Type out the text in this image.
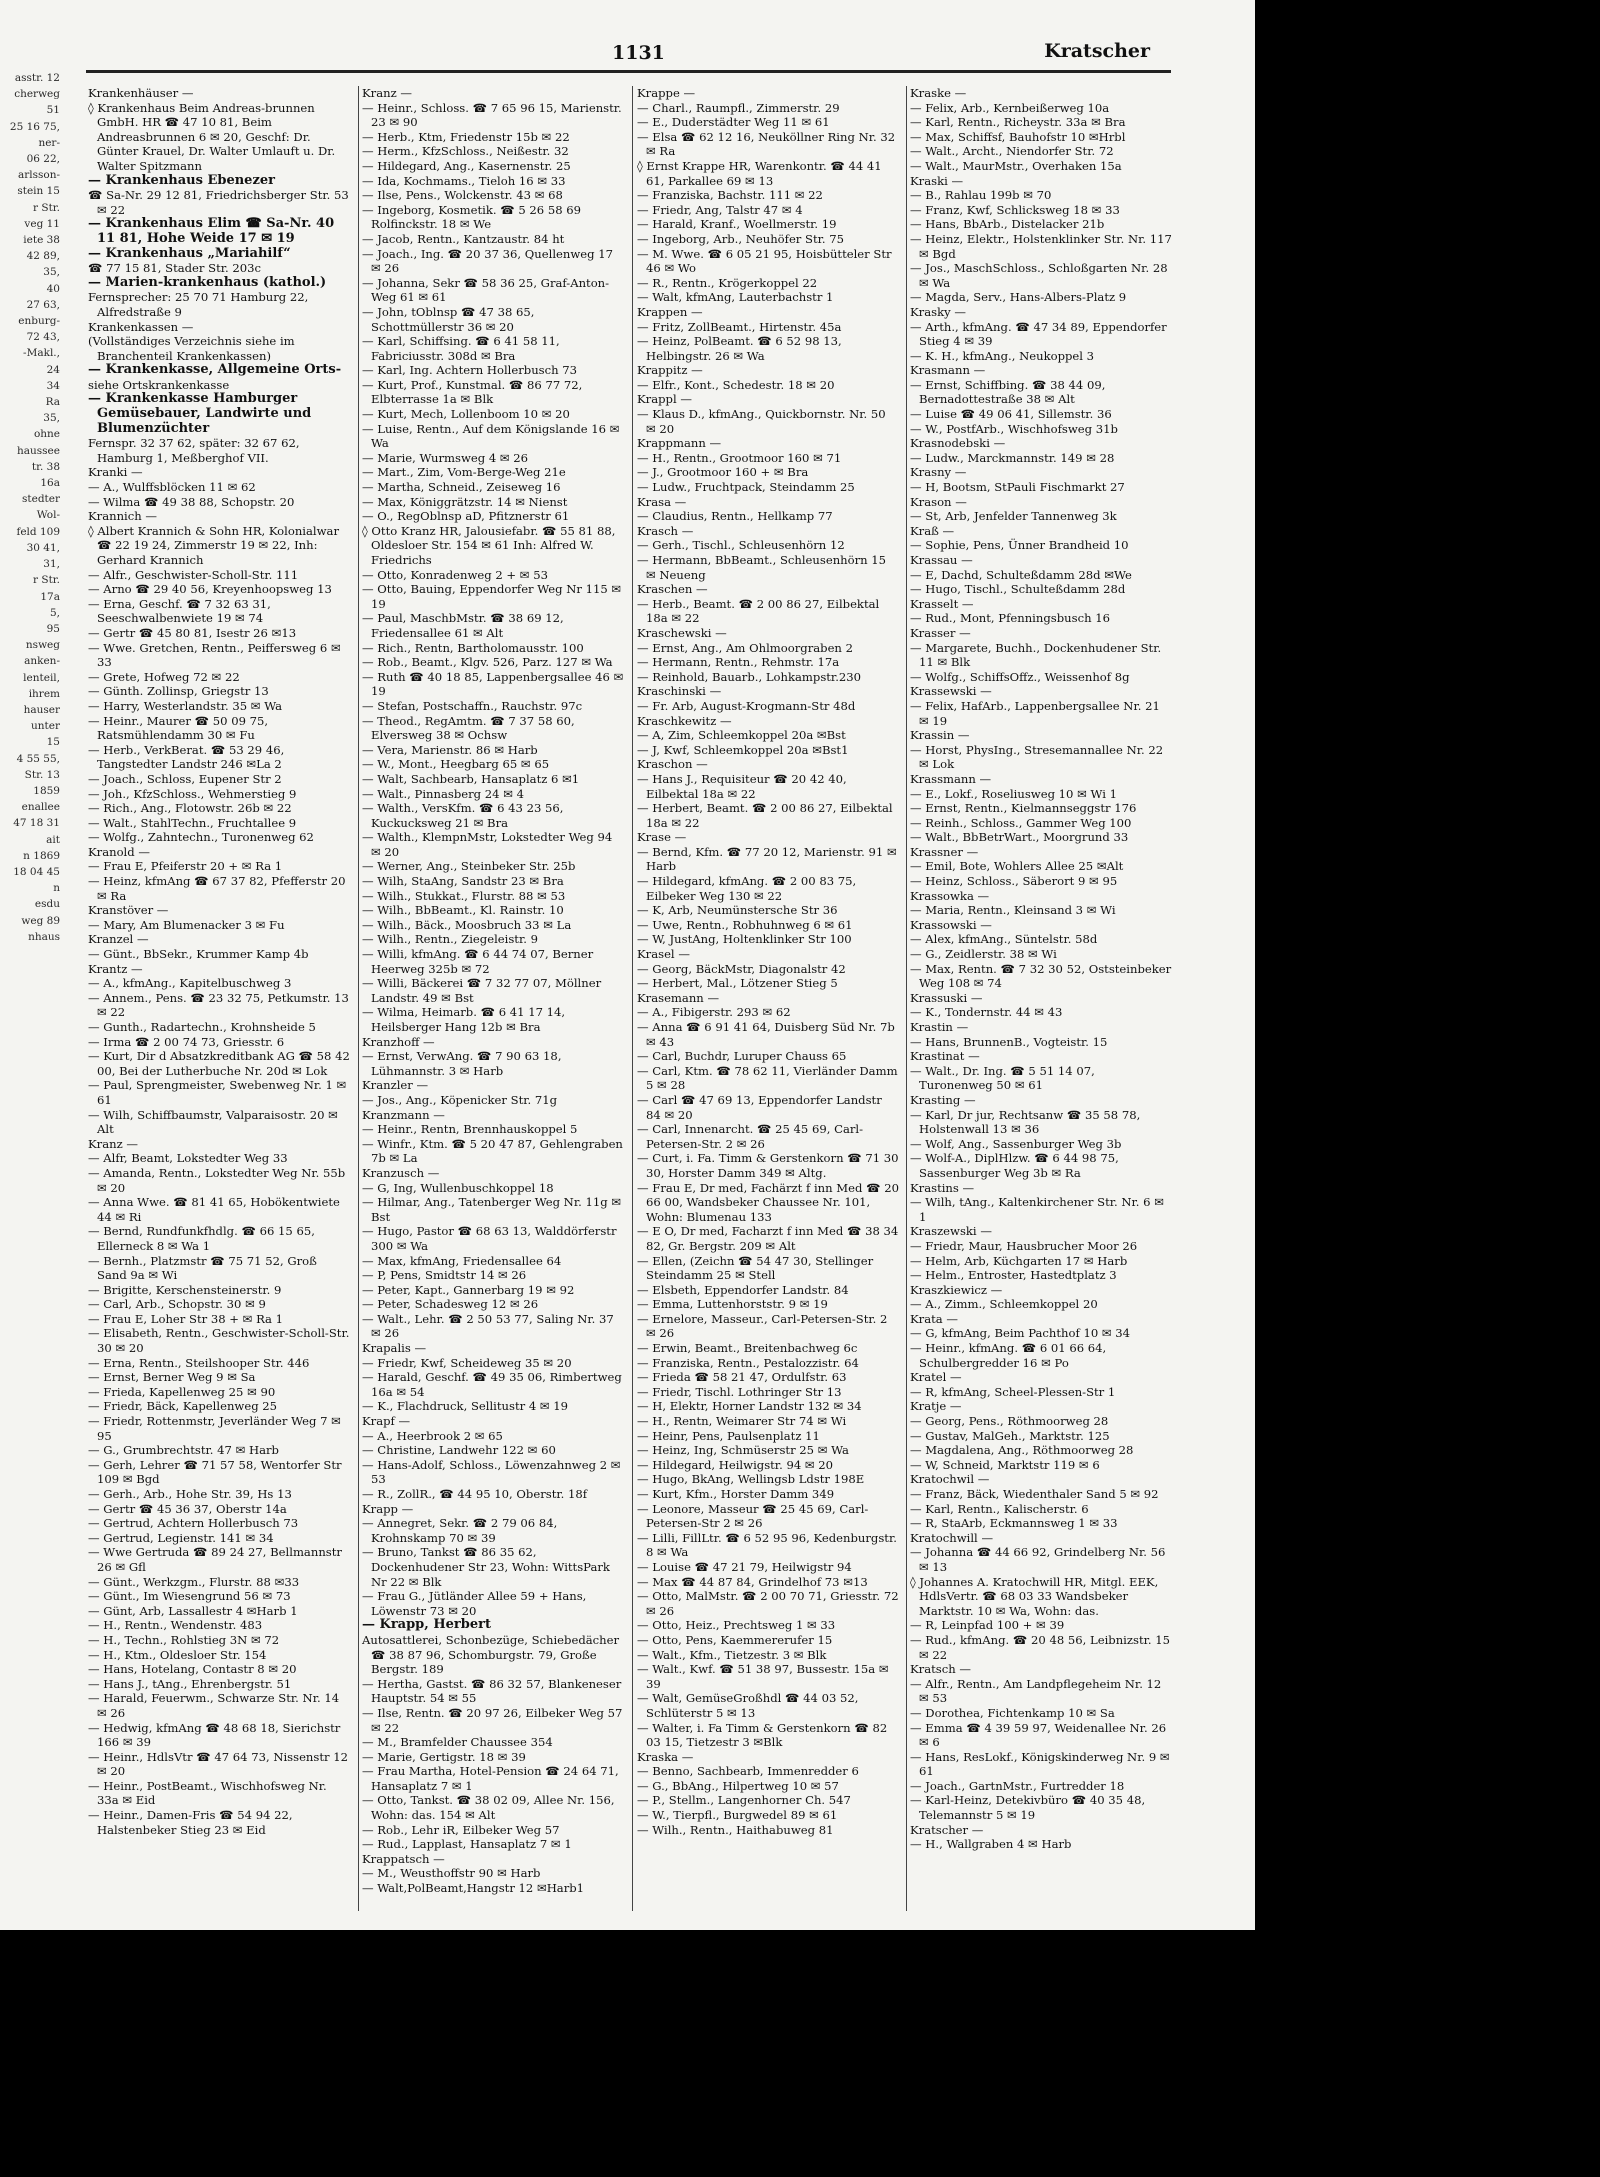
asstr. 12
cherweg
51
25 16 75,
ner-
06 22,
arlsson-
stein 15
r Str.
veg 11
iete 38
42 89,
35,
40
27 63,
enburg-
72 43,
-Makl.,
24
34
Ra
35,
ohne
haussee
tr. 38
16a
stedter
Wol-
feld 109
30 41,
31,
r Str.
17a
5,
95
nsweg
anken-
lenteil,
ihrem
hauser
unter
15
4 55 55,
Str. 13
1859
enallee
47 18 31
ait
n 1869
18 04 45
n
esdu
weg 89
nhaus
1131	Kratscher
Krankenhäuser —
◊ Krankenhaus Beim Andreas-brunnen GmbH. HR ☎ 47 10 81, Beim Andreasbrunnen 6 ✉ 20, Geschf: Dr. Günter Krauel, Dr. Walter Umlauft u. Dr. Walter Spitzmann
— Krankenhaus Ebenezer
☎ Sa-Nr. 29 12 81, Friedrichsberger Str. 53 ✉ 22
— Krankenhaus Elim ☎ Sa-Nr. 40 11 81, Hohe Weide 17 ✉ 19
— Krankenhaus „Mariahilf“
☎ 77 15 81, Stader Str. 203c
— Marien-krankenhaus (kathol.)
Fernsprecher: 25 70 71 Hamburg 22, Alfredstraße 9
Krankenkassen —
(Vollständiges Verzeichnis siehe im Branchenteil Krankenkassen)
— Krankenkasse, Allgemeine Orts-
siehe Ortskrankenkasse
— Krankenkasse Hamburger Gemüsebauer, Landwirte und Blumenzüchter
Fernspr. 32 37 62, später: 32 67 62, Hamburg 1, Meßberghof VII.
Kranki —
— A., Wulffsblöcken 11 ✉ 62
— Wilma ☎ 49 38 88, Schopstr. 20
Krannich —
◊ Albert Krannich & Sohn HR, Kolonialwar ☎ 22 19 24, Zimmerstr 19 ✉ 22, Inh: Gerhard Krannich
— Alfr., Geschwister-Scholl-Str. 111
— Arno ☎ 29 40 56, Kreyenhoopsweg 13
— Erna, Geschf. ☎ 7 32 63 31, Seeschwalbenwiete 19 ✉ 74
— Gertr ☎ 45 80 81, Isestr 26 ✉13
— Wwe. Gretchen, Rentn., Peiffersweg 6 ✉ 33
— Grete, Hofweg 72 ✉ 22
— Günth. Zollinsp, Griegstr 13
— Harry, Westerlandstr. 35 ✉ Wa
— Heinr., Maurer ☎ 50 09 75, Ratsmühlendamm 30 ✉ Fu
— Herb., VerkBerat. ☎ 53 29 46, Tangstedter Landstr 246 ✉La 2
— Joach., Schloss, Eupener Str 2
— Joh., KfzSchloss., Wehmerstieg 9
— Rich., Ang., Flotowstr. 26b ✉ 22
— Walt., StahlTechn., Fruchtallee 9
— Wolfg., Zahntechn., Turonenweg 62
Kranold —
— Frau E, Pfeiferstr 20 + ✉ Ra 1
— Heinz, kfmAng ☎ 67 37 82, Pfefferstr 20 ✉ Ra
Kranstöver —
— Mary, Am Blumenacker 3 ✉ Fu
Kranzel —
— Günt., BbSekr., Krummer Kamp 4b
Krantz —
— A., kfmAng., Kapitelbuschweg 3
— Annem., Pens. ☎ 23 32 75, Petkumstr. 13 ✉ 22
— Gunth., Radartechn., Krohnsheide 5
— Irma ☎ 2 00 74 73, Griesstr. 6
— Kurt, Dir d Absatzkreditbank AG ☎ 58 42 00, Bei der Lutherbuche Nr. 20d ✉ Lok
— Paul, Sprengmeister, Swebenweg Nr. 1 ✉ 61
— Wilh, Schiffbaumstr, Valparaisostr. 20 ✉ Alt
Kranz —
— Alfr, Beamt, Lokstedter Weg 33
— Amanda, Rentn., Lokstedter Weg Nr. 55b ✉ 20
— Anna Wwe. ☎ 81 41 65, Hobökentwiete 44 ✉ Ri
— Bernd, Rundfunkfhdlg. ☎ 66 15 65, Ellerneck 8 ✉ Wa 1
— Bernh., Platzmstr ☎ 75 71 52, Groß Sand 9a ✉ Wi
— Brigitte, Kerschensteinerstr. 9
— Carl, Arb., Schopstr. 30 ✉ 9
— Frau E, Loher Str 38 + ✉ Ra 1
— Elisabeth, Rentn., Geschwister-Scholl-Str. 30 ✉ 20
— Erna, Rentn., Steilshooper Str. 446
— Ernst, Berner Weg 9 ✉ Sa
— Frieda, Kapellenweg 25 ✉ 90
— Friedr, Bäck, Kapellenweg 25
— Friedr, Rottenmstr, Jeverländer Weg 7 ✉ 95
— G., Grumbrechtstr. 47 ✉ Harb
— Gerh, Lehrer ☎ 71 57 58, Wentorfer Str 109 ✉ Bgd
— Gerh., Arb., Hohe Str. 39, Hs 13
— Gertr ☎ 45 36 37, Oberstr 14a
— Gertrud, Achtern Hollerbusch 73
— Gertrud, Legienstr. 141 ✉ 34
— Wwe Gertruda ☎ 89 24 27, Bellmannstr 26 ✉ Gfl
— Günt., Werkzgm., Flurstr. 88 ✉33
— Günt., Im Wiesengrund 56 ✉ 73
— Günt, Arb, Lassallestr 4 ✉Harb 1
— H., Rentn., Wendenstr. 483
— H., Techn., Rohlstieg 3N ✉ 72
— H., Ktm., Oldesloer Str. 154
— Hans, Hotelang, Contastr 8 ✉ 20
— Hans J., tAng., Ehrenbergstr. 51
— Harald, Feuerwm., Schwarze Str. Nr. 14 ✉ 26
— Hedwig, kfmAng ☎ 48 68 18, Sierichstr 166 ✉ 39
— Heinr., HdlsVtr ☎ 47 64 73, Nissenstr 12 ✉ 20
— Heinr., PostBeamt., Wischhofsweg Nr. 33a ✉ Eid
— Heinr., Damen-Fris ☎ 54 94 22, Halstenbeker Stieg 23 ✉ Eid
Kranz —
— Heinr., Schloss. ☎ 7 65 96 15, Marienstr. 23 ✉ 90
— Herb., Ktm, Friedenstr 15b ✉ 22
— Herm., KfzSchloss., Neißestr. 32
— Hildegard, Ang., Kasernenstr. 25
— Ida, Kochmams., Tieloh 16 ✉ 33
— Ilse, Pens., Wolckenstr. 43 ✉ 68
— Ingeborg, Kosmetik. ☎ 5 26 58 69 Rolfinckstr. 18 ✉ We
— Jacob, Rentn., Kantzaustr. 84 ht
— Joach., Ing. ☎ 20 37 36, Quellenweg 17 ✉ 26
— Johanna, Sekr ☎ 58 36 25, Graf-Anton-Weg 61 ✉ 61
— John, tOblnsp ☎ 47 38 65, Schottmüllerstr 36 ✉ 20
— Karl, Schiffsing. ☎ 6 41 58 11, Fabriciusstr. 308d ✉ Bra
— Karl, Ing. Achtern Hollerbusch 73
— Kurt, Prof., Kunstmal. ☎ 86 77 72, Elbterrasse 1a ✉ Blk
— Kurt, Mech, Lollenboom 10 ✉ 20
— Luise, Rentn., Auf dem Königslande 16 ✉ Wa
— Marie, Wurmsweg 4 ✉ 26
— Mart., Zim, Vom-Berge-Weg 21e
— Martha, Schneid., Zeiseweg 16
— Max, Königgrätzstr. 14 ✉ Nienst
— O., RegOblnsp aD, Pfitznerstr 61
◊ Otto Kranz HR, Jalousiefabr. ☎ 55 81 88, Oldesloer Str. 154 ✉ 61 Inh: Alfred W. Friedrichs
— Otto, Konradenweg 2 + ✉ 53
— Otto, Bauing, Eppendorfer Weg Nr 115 ✉ 19
— Paul, MaschbMstr. ☎ 38 69 12, Friedensallee 61 ✉ Alt
— Rich., Rentn, Bartholomausstr. 100
— Rob., Beamt., Klgv. 526, Parz. 127 ✉ Wa
— Ruth ☎ 40 18 85, Lappenbergsallee 46 ✉ 19
— Stefan, Postschaffn., Rauchstr. 97c
— Theod., RegAmtm. ☎ 7 37 58 60, Elversweg 38 ✉ Ochsw
— Vera, Marienstr. 86 ✉ Harb
— W., Mont., Heegbarg 65 ✉ 65
— Walt, Sachbearb, Hansaplatz 6 ✉1
— Walt., Pinnasberg 24 ✉ 4
— Walth., VersKfm. ☎ 6 43 23 56, Kuckucksweg 21 ✉ Bra
— Walth., KlempnMstr, Lokstedter Weg 94 ✉ 20
— Werner, Ang., Steinbeker Str. 25b
— Wilh, StaAng, Sandstr 23 ✉ Bra
— Wilh., Stukkat., Flurstr. 88 ✉ 53
— Wilh., BbBeamt., Kl. Rainstr. 10
— Wilh., Bäck., Moosbruch 33 ✉ La
— Wilh., Rentn., Ziegeleistr. 9
— Willi, kfmAng. ☎ 6 44 74 07, Berner Heerweg 325b ✉ 72
— Willi, Bäckerei ☎ 7 32 77 07, Möllner Landstr. 49 ✉ Bst
— Wilma, Heimarb. ☎ 6 41 17 14, Heilsberger Hang 12b ✉ Bra
Kranzhoff —
— Ernst, VerwAng. ☎ 7 90 63 18, Lühmannstr. 3 ✉ Harb
Kranzler —
— Jos., Ang., Köpenicker Str. 71g
Kranzmann —
— Heinr., Rentn, Brennhauskoppel 5
— Winfr., Ktm. ☎ 5 20 47 87, Gehlengraben 7b ✉ La
Kranzusch —
— G, Ing, Wullenbuschkoppel 18
— Hilmar, Ang., Tatenberger Weg Nr. 11g ✉ Bst
— Hugo, Pastor ☎ 68 63 13, Walddörferstr 300 ✉ Wa
— Max, kfmAng, Friedensallee 64
— P, Pens, Smidtstr 14 ✉ 26
— Peter, Kapt., Gannerbarg 19 ✉ 92
— Peter, Schadesweg 12 ✉ 26
— Walt., Lehr. ☎ 2 50 53 77, Saling Nr. 37 ✉ 26
Krapalis —
— Friedr, Kwf, Scheideweg 35 ✉ 20
— Harald, Geschf. ☎ 49 35 06, Rimbertweg 16a ✉ 54
— K., Flachdruck, Sellitustr 4 ✉ 19
Krapf —
— A., Heerbrook 2 ✉ 65
— Christine, Landwehr 122 ✉ 60
— Hans-Adolf, Schloss., Löwenzahnweg 2 ✉ 53
— R., ZollR., ☎ 44 95 10, Oberstr. 18f
Krapp —
— Annegret, Sekr. ☎ 2 79 06 84, Krohnskamp 70 ✉ 39
— Bruno, Tankst ☎ 86 35 62, Dockenhudener Str 23, Wohn: WittsPark Nr 22 ✉ Blk
— Frau G., Jütländer Allee 59 + Hans, Löwenstr 73 ✉ 20
— Krapp, Herbert
Autosattlerei, Schonbezüge, Schiebedächer ☎ 38 87 96, Schomburgstr. 79, Große Bergstr. 189
— Hertha, Gastst. ☎ 86 32 57, Blankeneser Hauptstr. 54 ✉ 55
— Ilse, Rentn. ☎ 20 97 26, Eilbeker Weg 57 ✉ 22
— M., Bramfelder Chaussee 354
— Marie, Gertigstr. 18 ✉ 39
— Frau Martha, Hotel-Pension ☎ 24 64 71, Hansaplatz 7 ✉ 1
— Otto, Tankst. ☎ 38 02 09, Allee Nr. 156, Wohn: das. 154 ✉ Alt
— Rob., Lehr iR, Eilbeker Weg 57
— Rud., Lapplast, Hansaplatz 7 ✉ 1
Krappatsch —
— M., Weusthoffstr 90 ✉ Harb
— Walt,PolBeamt,Hangstr 12 ✉Harb1
Krappe —
— Charl., Raumpfl., Zimmerstr. 29
— E., Duderstädter Weg 11 ✉ 61
— Elsa ☎ 62 12 16, Neuköllner Ring Nr. 32 ✉ Ra
◊ Ernst Krappe HR, Warenkontr. ☎ 44 41 61, Parkallee 69 ✉ 13
— Franziska, Bachstr. 111 ✉ 22
— Friedr, Ang, Talstr 47 ✉ 4
— Harald, Kranf., Woellmerstr. 19
— Ingeborg, Arb., Neuhöfer Str. 75
— M. Wwe. ☎ 6 05 21 95, Hoisbütteler Str 46 ✉ Wo
— R., Rentn., Krögerkoppel 22
— Walt, kfmAng, Lauterbachstr 1
Krappen —
— Fritz, ZollBeamt., Hirtenstr. 45a
— Heinz, PolBeamt. ☎ 6 52 98 13, Helbingstr. 26 ✉ Wa
Krappitz —
— Elfr., Kont., Schedestr. 18 ✉ 20
Krappl —
— Klaus D., kfmAng., Quickbornstr. Nr. 50 ✉ 20
Krappmann —
— H., Rentn., Grootmoor 160 ✉ 71
— J., Grootmoor 160 + ✉ Bra
— Ludw., Fruchtpack, Steindamm 25
Krasa —
— Claudius, Rentn., Hellkamp 77
Krasch —
— Gerh., Tischl., Schleusenhörn 12
— Hermann, BbBeamt., Schleusenhörn 15 ✉ Neueng
Kraschen —
— Herb., Beamt. ☎ 2 00 86 27, Eilbektal 18a ✉ 22
Kraschewski —
— Ernst, Ang., Am Ohlmoorgraben 2
— Hermann, Rentn., Rehmstr. 17a
— Reinhold, Bauarb., Lohkampstr.230
Kraschinski —
— Fr. Arb, August-Krogmann-Str 48d
Kraschkewitz —
— A, Zim, Schleemkoppel 20a ✉Bst
— J, Kwf, Schleemkoppel 20a ✉Bst1
Kraschon —
— Hans J., Requisiteur ☎ 20 42 40, Eilbektal 18a ✉ 22
— Herbert, Beamt. ☎ 2 00 86 27, Eilbektal 18a ✉ 22
Krase —
— Bernd, Kfm. ☎ 77 20 12, Marienstr. 91 ✉ Harb
— Hildegard, kfmAng. ☎ 2 00 83 75, Eilbeker Weg 130 ✉ 22
— K, Arb, Neumünstersche Str 36
— Uwe, Rentn., Robhuhnweg 6 ✉ 61
— W, JustAng, Holtenklinker Str 100
Krasel —
— Georg, BäckMstr, Diagonalstr 42
— Herbert, Mal., Lötzener Stieg 5
Krasemann —
— A., Fibigerstr. 293 ✉ 62
— Anna ☎ 6 91 41 64, Duisberg Süd Nr. 7b ✉ 43
— Carl, Buchdr, Luruper Chauss 65
— Carl, Ktm. ☎ 78 62 11, Vierländer Damm 5 ✉ 28
— Carl ☎ 47 69 13, Eppendorfer Landstr 84 ✉ 20
— Carl, Innenarcht. ☎ 25 45 69, Carl-Petersen-Str. 2 ✉ 26
— Curt, i. Fa. Timm & Gerstenkorn ☎ 71 30 30, Horster Damm 349 ✉ Altg.
— Frau E, Dr med, Fachärzt f inn Med ☎ 20 66 00, Wandsbeker Chaussee Nr. 101, Wohn: Blumenau 133
— E O, Dr med, Facharzt f inn Med ☎ 38 34 82, Gr. Bergstr. 209 ✉ Alt
— Ellen, (Zeichn ☎ 54 47 30, Stellinger Steindamm 25 ✉ Stell
— Elsbeth, Eppendorfer Landstr. 84
— Emma, Luttenhorststr. 9 ✉ 19
— Ernelore, Masseur., Carl-Petersen-Str. 2 ✉ 26
— Erwin, Beamt., Breitenbachweg 6c
— Franziska, Rentn., Pestalozzistr. 64
— Frieda ☎ 58 21 47, Ordulfstr. 63
— Friedr, Tischl. Lothringer Str 13
— H, Elektr, Horner Landstr 132 ✉ 34
— H., Rentn, Weimarer Str 74 ✉ Wi
— Heinr, Pens, Paulsenplatz 11
— Heinz, Ing, Schmüserstr 25 ✉ Wa
— Hildegard, Heilwigstr. 94 ✉ 20
— Hugo, BkAng, Wellingsb Ldstr 198E
— Kurt, Kfm., Horster Damm 349
— Leonore, Masseur ☎ 25 45 69, Carl-Petersen-Str 2 ✉ 26
— Lilli, FillLtr. ☎ 6 52 95 96, Kedenburgstr. 8 ✉ Wa
— Louise ☎ 47 21 79, Heilwigstr 94
— Max ☎ 44 87 84, Grindelhof 73 ✉13
— Otto, MalMstr. ☎ 2 00 70 71, Griesstr. 72 ✉ 26
— Otto, Heiz., Prechtsweg 1 ✉ 33
— Otto, Pens, Kaemmererufer 15
— Walt., Kfm., Tietzestr. 3 ✉ Blk
— Walt., Kwf. ☎ 51 38 97, Bussestr. 15a ✉ 39
— Walt, GemüseGroßhdl ☎ 44 03 52, Schlüterstr 5 ✉ 13
— Walter, i. Fa Timm & Gerstenkorn ☎ 82 03 15, Tietzestr 3 ✉Blk
Kraska —
— Benno, Sachbearb, Immenredder 6
— G., BbAng., Hilpertweg 10 ✉ 57
— P., Stellm., Langenhorner Ch. 547
— W., Tierpfl., Burgwedel 89 ✉ 61
— Wilh., Rentn., Haithabuweg 81
Kraske —
— Felix, Arb., Kernbeißerweg 10a
— Karl, Rentn., Richeystr. 33a ✉ Bra
— Max, Schiffsf, Bauhofstr 10 ✉Hrbl
— Walt., Archt., Niendorfer Str. 72
— Walt., MaurMstr., Overhaken 15a
Kraski —
— B., Rahlau 199b ✉ 70
— Franz, Kwf, Schlicksweg 18 ✉ 33
— Hans, BbArb., Distelacker 21b
— Heinz, Elektr., Holstenklinker Str. Nr. 117 ✉ Bgd
— Jos., MaschSchloss., Schloßgarten Nr. 28 ✉ Wa
— Magda, Serv., Hans-Albers-Platz 9
Krasky —
— Arth., kfmAng. ☎ 47 34 89, Eppendorfer Stieg 4 ✉ 39
— K. H., kfmAng., Neukoppel 3
Krasmann —
— Ernst, Schiffbing. ☎ 38 44 09, Bernadottestraße 38 ✉ Alt
— Luise ☎ 49 06 41, Sillemstr. 36
— W., PostfArb., Wischhofsweg 31b
Krasnodebski —
— Ludw., Marckmannstr. 149 ✉ 28
Krasny —
— H, Bootsm, StPauli Fischmarkt 27
Krason —
— St, Arb, Jenfelder Tannenweg 3k
Kraß —
— Sophie, Pens, Ünner Brandheid 10
Krassau —
— E, Dachd, Schulteßdamm 28d ✉We
— Hugo, Tischl., Schulteßdamm 28d
Krasselt —
— Rud., Mont, Pfenningsbusch 16
Krasser —
— Margarete, Buchh., Dockenhudener Str. 11 ✉ Blk
— Wolfg., SchiffsOffz., Weissenhof 8g
Krassewski —
— Felix, HafArb., Lappenbergsallee Nr. 21 ✉ 19
Krassin —
— Horst, PhysIng., Stresemannallee Nr. 22 ✉ Lok
Krassmann —
— E., Lokf., Roseliusweg 10 ✉ Wi 1
— Ernst, Rentn., Kielmannseggstr 176
— Reinh., Schloss., Gammer Weg 100
— Walt., BbBetrWart., Moorgrund 33
Krassner —
— Emil, Bote, Wohlers Allee 25 ✉Alt
— Heinz, Schloss., Säberort 9 ✉ 95
Krassowka —
— Maria, Rentn., Kleinsand 3 ✉ Wi
Krassowski —
— Alex, kfmAng., Süntelstr. 58d
— G., Zeidlerstr. 38 ✉ Wi
— Max, Rentn. ☎ 7 32 30 52, Oststeinbeker Weg 108 ✉ 74
Krassuski —
— K., Tondernstr. 44 ✉ 43
Krastin —
— Hans, BrunnenB., Vogteistr. 15
Krastinat —
— Walt., Dr. Ing. ☎ 5 51 14 07, Turonenweg 50 ✉ 61
Krasting —
— Karl, Dr jur, Rechtsanw ☎ 35 58 78, Holstenwall 13 ✉ 36
— Wolf, Ang., Sassenburger Weg 3b
— Wolf-A., DiplHlzw. ☎ 6 44 98 75, Sassenburger Weg 3b ✉ Ra
Krastins —
— Wilh, tAng., Kaltenkirchener Str. Nr. 6 ✉ 1
Kraszewski —
— Friedr, Maur, Hausbrucher Moor 26
— Helm, Arb, Küchgarten 17 ✉ Harb
— Helm., Entroster, Hastedtplatz 3
Kraszkiewicz —
— A., Zimm., Schleemkoppel 20
Krata —
— G, kfmAng, Beim Pachthof 10 ✉ 34
— Heinr., kfmAng. ☎ 6 01 66 64, Schulbergredder 16 ✉ Po
Kratel —
— R, kfmAng, Scheel-Plessen-Str 1
Kratje —
— Georg, Pens., Röthmoorweg 28
— Gustav, MalGeh., Marktstr. 125
— Magdalena, Ang., Röthmoorweg 28
— W, Schneid, Marktstr 119 ✉ 6
Kratochwil —
— Franz, Bäck, Wiedenthaler Sand 5 ✉ 92
— Karl, Rentn., Kalischerstr. 6
— R, StaArb, Eckmannsweg 1 ✉ 33
Kratochwill —
— Johanna ☎ 44 66 92, Grindelberg Nr. 56 ✉ 13
◊ Johannes A. Kratochwill HR, Mitgl. EEK, HdlsVertr. ☎ 68 03 33 Wandsbeker Marktstr. 10 ✉ Wa, Wohn: das.
— R, Leinpfad 100 + ✉ 39
— Rud., kfmAng. ☎ 20 48 56, Leibnizstr. 15 ✉ 22
Kratsch —
— Alfr., Rentn., Am Landpflegeheim Nr. 12 ✉ 53
— Dorothea, Fichtenkamp 10 ✉ Sa
— Emma ☎ 4 39 59 97, Weidenallee Nr. 26 ✉ 6
— Hans, ResLokf., Königskinderweg Nr. 9 ✉ 61
— Joach., GartnMstr., Furtredder 18
— Karl-Heinz, Detekivbüro ☎ 40 35 48, Telemannstr 5 ✉ 19
Kratscher —
— H., Wallgraben 4 ✉ Harb
